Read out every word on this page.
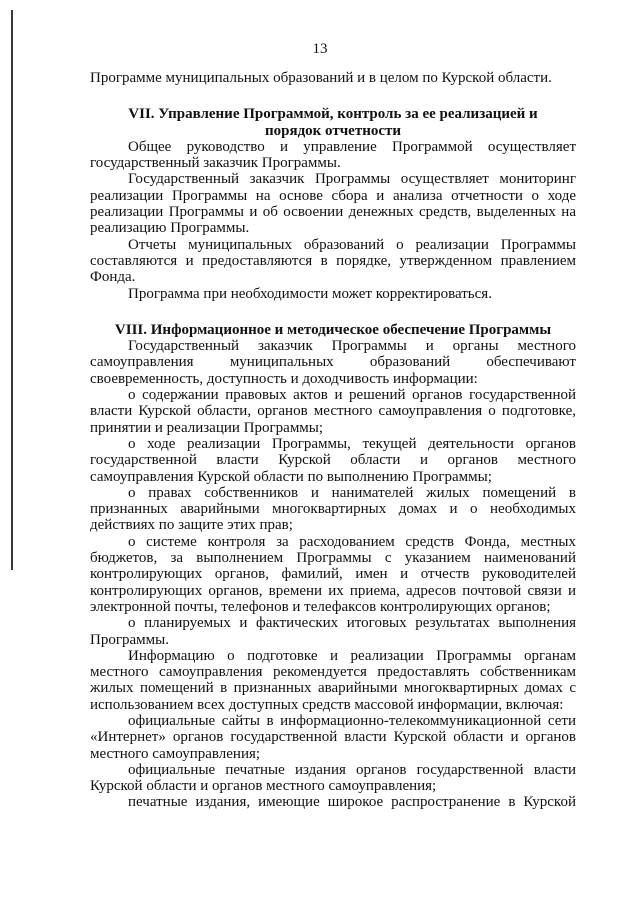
13

Программе муниципальных образований и в целом по Курской области.

VII. Управление Программой, контроль за ее реализацией и

порядок отчетности

Общее руководство и управление Программой осуществляет государственный заказчик Программы.

Государственный заказчик Программы осуществляет мониторинг реализации Программы на основе сбора и анализа отчетности о ходе реализации Программы и об освоении денежных средств, выделенных на реализацию Программы.

Отчеты муниципальных образований о реализации Программы составляются и предоставляются в порядке, утвержденном правлением Фонда.

Программа при необходимости может корректироваться.

VIII. Информационное и методическое обеспечение Программы

Государственный заказчик Программы и органы местного самоуправления муниципальных образований обеспечивают своевременность, доступность и доходчивость информации:

о содержании правовых актов и решений органов государственной власти Курской области, органов местного самоуправления о подготовке, принятии и реализации Программы;

о ходе реализации Программы, текущей деятельности органов государственной власти Курской области и органов местного самоуправления Курской области по выполнению Программы;

о правах собственников и нанимателей жилых помещений в признанных аварийными многоквартирных домах и о необходимых действиях по защите этих прав;

о системе контроля за расходованием средств Фонда, местных бюджетов, за выполнением Программы с указанием наименований контролирующих органов, фамилий, имен и отчеств руководителей контролирующих органов, времени их приема, адресов почтовой связи и электронной почты, телефонов и телефаксов контролирующих органов;

о планируемых и фактических итоговых результатах выполнения Программы.

Информацию о подготовке и реализации Программы органам местного самоуправления рекомендуется предоставлять собственникам жилых помещений в признанных аварийными многоквартирных домах с использованием всех доступных средств массовой информации, включая:

официальные сайты в информационно-телекоммуникационной сети «Интернет» органов государственной власти Курской области и органов местного самоуправления;

официальные печатные издания органов государственной власти Курской области и органов местного самоуправления;

печатные издания, имеющие широкое распространение в Курской
